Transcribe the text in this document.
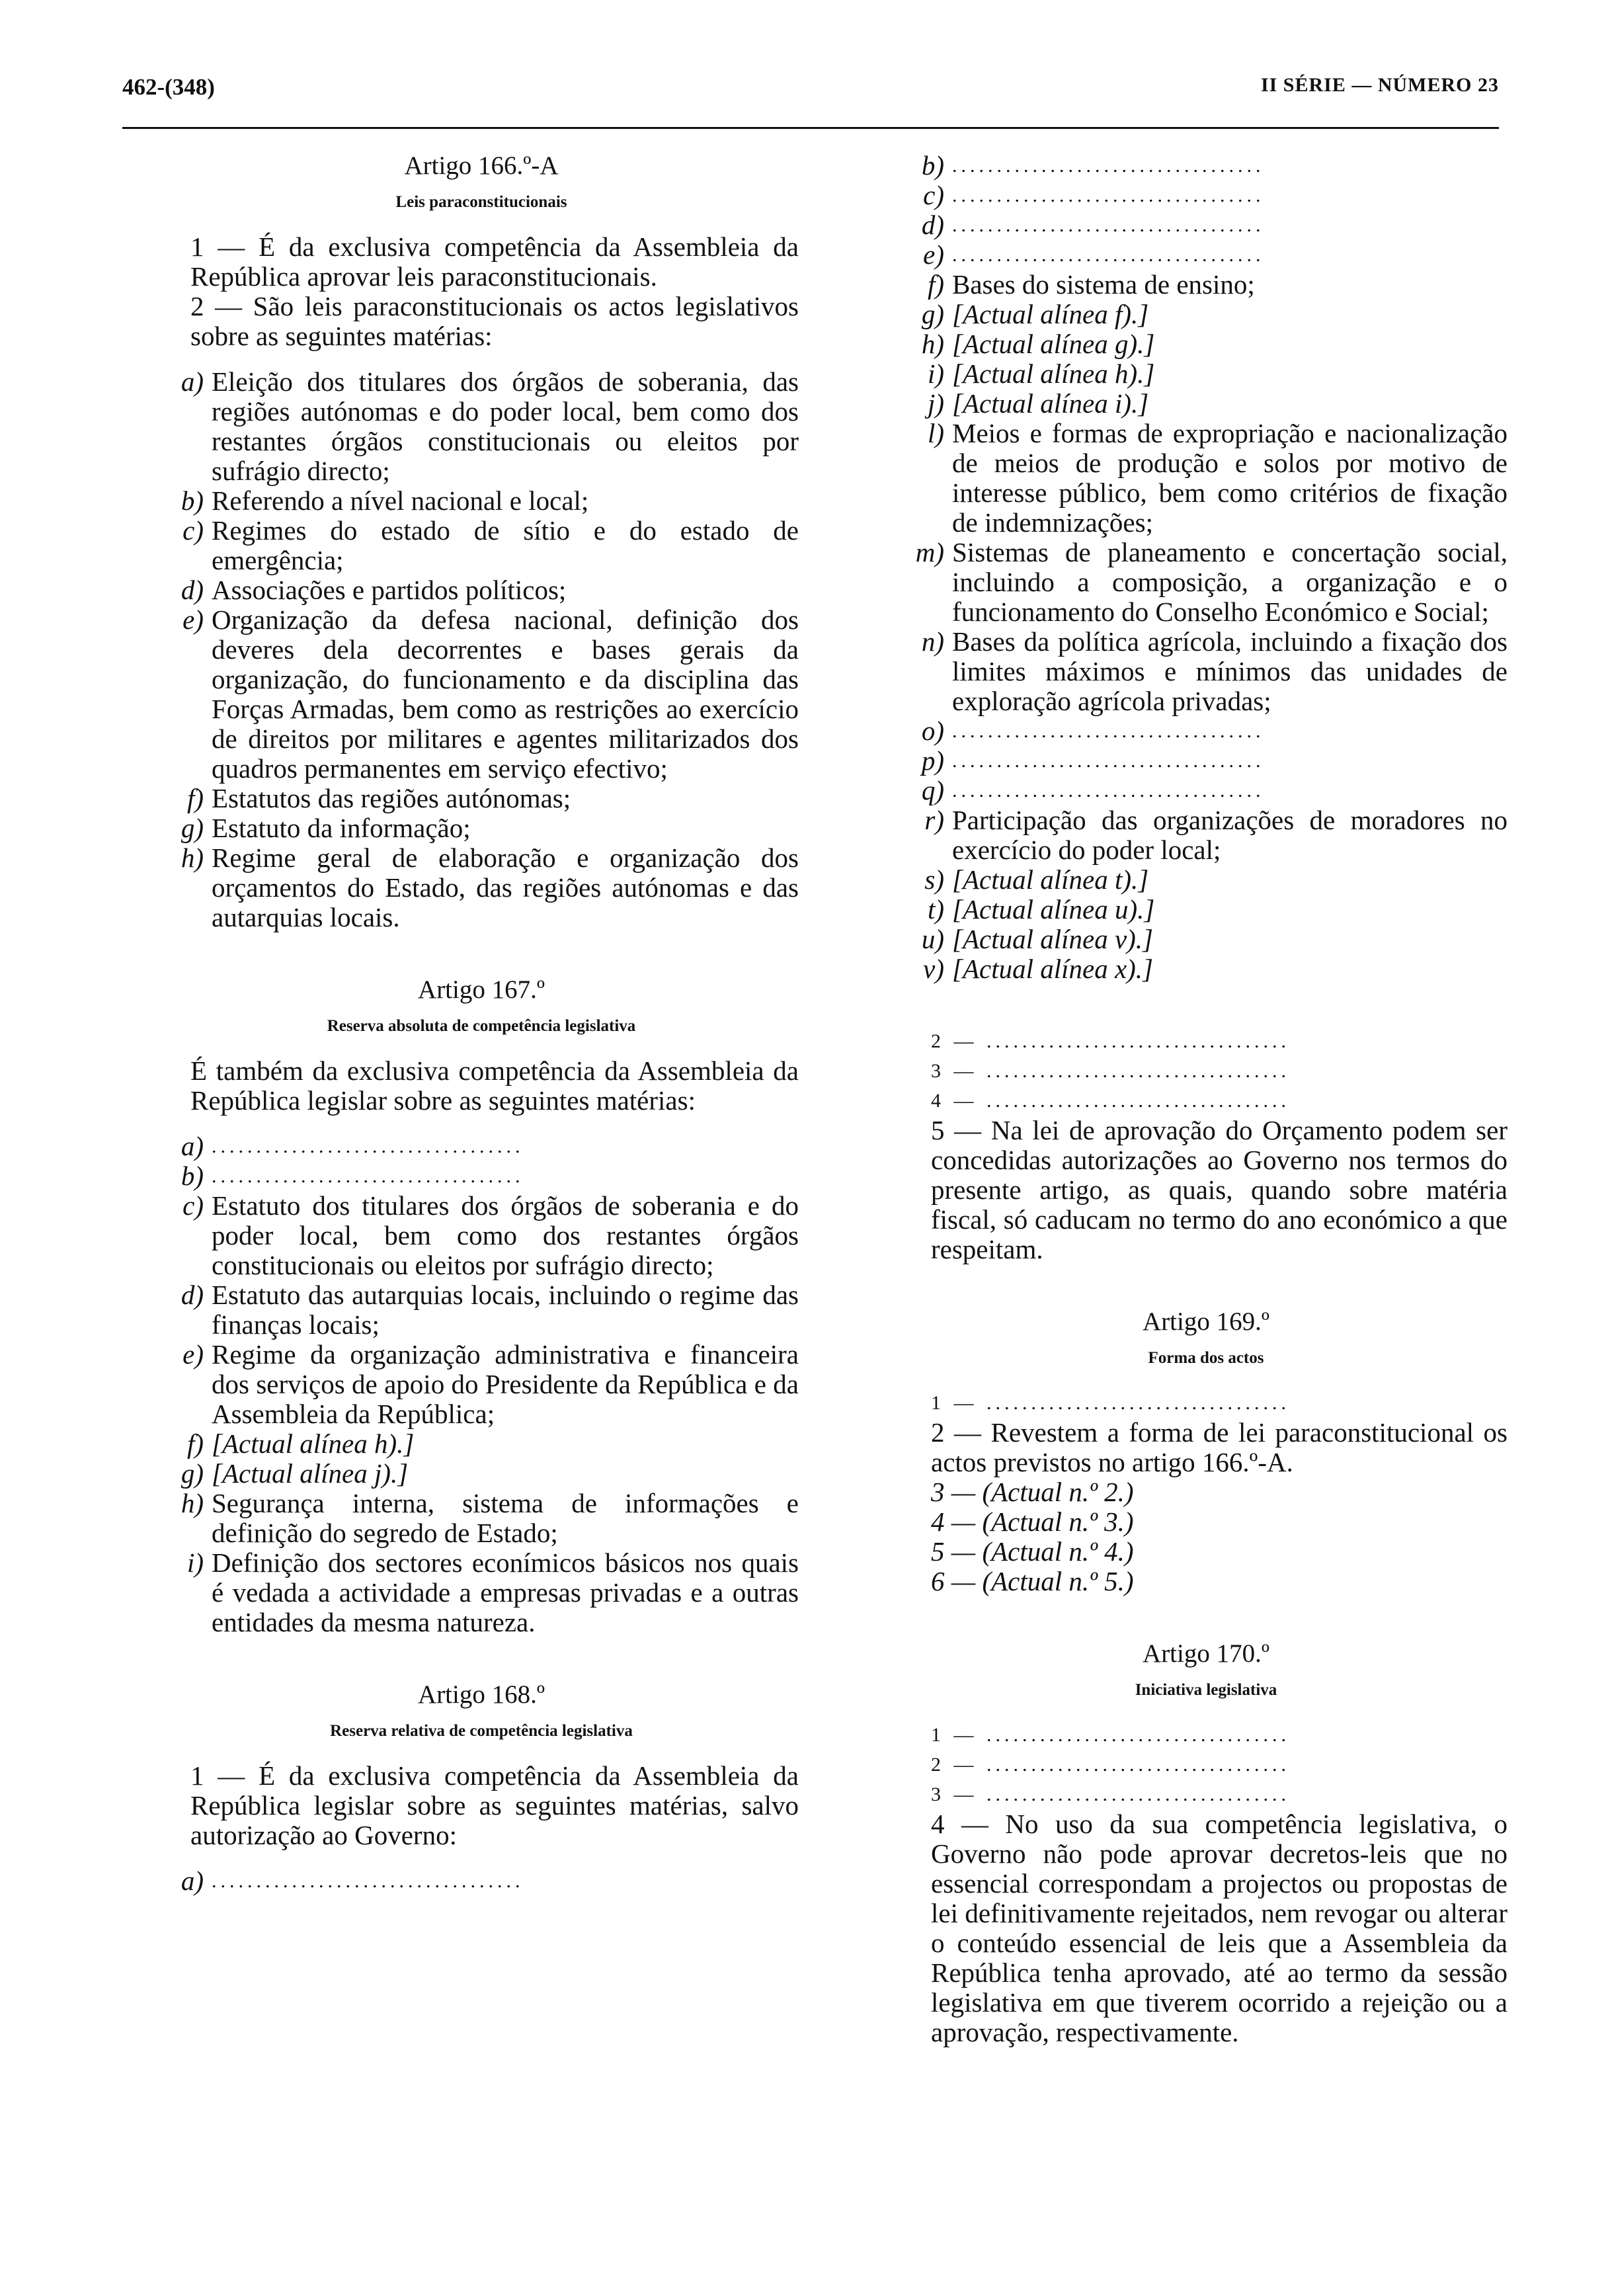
462-(348)	II SÉRIE — NÚMERO 23
Artigo 166.º-A
Leis paraconstitucionais

1 — É da exclusiva competência da Assembleia da República aprovar leis paraconstitucionais.

2 — São leis paraconstitucionais os actos legislativos sobre as seguintes matérias:

a) Eleição dos titulares dos órgãos de soberania, das regiões autónomas e do poder local, bem como dos restantes órgãos constitucionais ou eleitos por sufrágio directo;
b) Referendo a nível nacional e local;
c) Regimes do estado de sítio e do estado de emergência;
d) Associações e partidos políticos;
e) Organização da defesa nacional, definição dos deveres dela decorrentes e bases gerais da organização, do funcionamento e da disciplina das Forças Armadas, bem como as restrições ao exercício de direitos por militares e agentes militarizados dos quadros permanentes em serviço efectivo;
f) Estatutos das regiões autónomas;
g) Estatuto da informação;
h) Regime geral de elaboração e organização dos orçamentos do Estado, das regiões autónomas e das autarquias locais.
Artigo 167.º
Reserva absoluta de competência legislativa

É também da exclusiva competência da Assembleia da República legislar sobre as seguintes matérias:

a) ...................................
b) ...................................
c) Estatuto dos titulares dos órgãos de soberania e do poder local, bem como dos restantes órgãos constitucionais ou eleitos por sufrágio directo;
d) Estatuto das autarquias locais, incluindo o regime das finanças locais;
e) Regime da organização administrativa e financeira dos serviços de apoio do Presidente da República e da Assembleia da República;
f) [Actual alínea h).]
g) [Actual alínea j).]
h) Segurança interna, sistema de informações e definição do segredo de Estado;
i) Definição dos sectores econímicos básicos nos quais é vedada a actividade a empresas privadas e a outras entidades da mesma natureza.
Artigo 168.º
Reserva relativa de competência legislativa

1 — É da exclusiva competência da Assembleia da República legislar sobre as seguintes matérias, salvo autorização ao Governo:

a) ...................................
b) ...................................
c) ...................................
d) ...................................
e) ...................................
f) Bases do sistema de ensino;
g) [Actual alínea f).]
h) [Actual alínea g).]
i) [Actual alínea h).]
j) [Actual alínea i).]
l) Meios e formas de expropriação e nacionalização de meios de produção e solos por motivo de interesse público, bem como critérios de fixação de indemnizações;
m) Sistemas de planeamento e concertação social, incluindo a composição, a organização e o funcionamento do Conselho Económico e Social;
n) Bases da política agrícola, incluindo a fixação dos limites máximos e mínimos das unidades de exploração agrícola privadas;
o) ...................................
p) ...................................
q) ...................................
r) Participação das organizações de moradores no exercício do poder local;
s) [Actual alínea t).]
t) [Actual alínea u).]
u) [Actual alínea v).]
v) [Actual alínea x).]

2 — ..................................

3 — ..................................

4 — ..................................

5 — Na lei de aprovação do Orçamento podem ser concedidas autorizações ao Governo nos termos do presente artigo, as quais, quando sobre matéria fiscal, só caducam no termo do ano económico a que respeitam.

Artigo 169.º
Forma dos actos

1 — ..................................

2 — Revestem a forma de lei paraconstitucional os actos previstos no artigo 166.º-A.

3 — (Actual n.º 2.)

4 — (Actual n.º 3.)

5 — (Actual n.º 4.)

6 — (Actual n.º 5.)

Artigo 170.º
Iniciativa legislativa

1 — ..................................

2 — ..................................

3 — ..................................

4 — No uso da sua competência legislativa, o Governo não pode aprovar decretos-leis que no essencial correspondam a projectos ou propostas de lei definitivamente rejeitados, nem revogar ou alterar o conteúdo essencial de leis que a Assembleia da República tenha aprovado, até ao termo da sessão legislativa em que tiverem ocorrido a rejeição ou a aprovação, respectivamente.
